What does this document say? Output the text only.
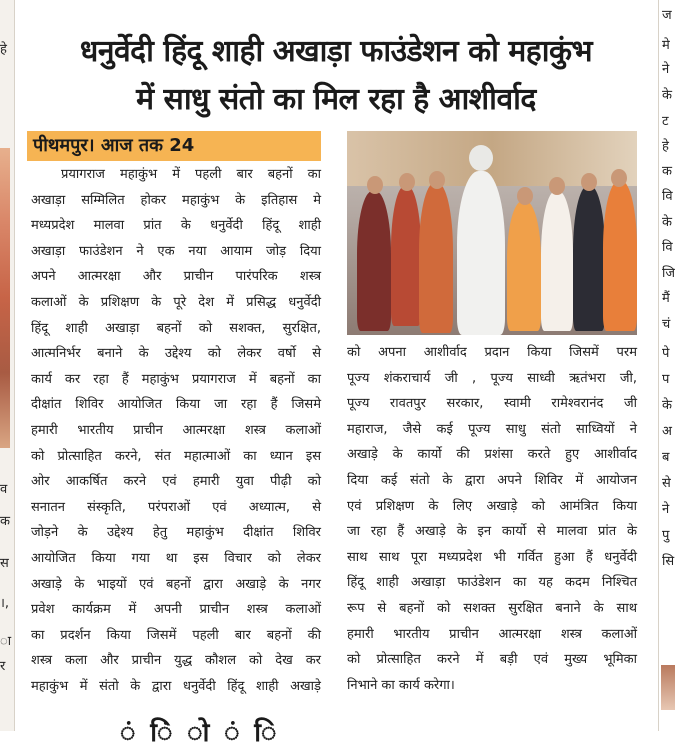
हे
व
क
स
।,
ा
र
ज
मे
ने
के
ट
हे
क
वि
के
वि
जि
मैं
चं
पे
प
के
अ
ब
से
ने
पु
सि
धनुर्वेदी हिंदू शाही अखाड़ा फाउंडेशन को महाकुंभ
में साधु संतो का मिल रहा है आशीर्वाद
पीथमपुर। आज तक 24
प्रयागराज महाकुंभ में पहली बार बहनों का
अखाड़ा सम्मिलित होकर महाकुंभ के इतिहास मे
मध्यप्रदेश मालवा प्रांत के धनुर्वेदी हिंदू शाही
अखाड़ा फाउंडेशन ने एक नया आयाम जोड़ दिया
अपने आत्मरक्षा और प्राचीन पारंपरिक शस्त्र
कलाओं के प्रशिक्षण के पूरे देश में प्रसिद्ध धनुर्वेदी
हिंदू शाही अखाड़ा बहनों को सशक्त, सुरक्षित,
आत्मनिर्भर बनाने के उद्देश्य को लेकर वर्षो से
कार्य कर रहा हैं महाकुंभ प्रयागराज में बहनों का
दीक्षांत शिविर आयोजित किया जा रहा हैं जिसमे
हमारी भारतीय प्राचीन आत्मरक्षा शस्त्र कलाओं
को प्रोत्साहित करने, संत महात्माओं का ध्यान इस
ओर आकर्षित करने एवं हमारी युवा पीढ़ी को
सनातन संस्कृति, परंपराओं एवं अध्यात्म, से
जोड़ने के उद्देश्य हेतु महाकुंभ दीक्षांत शिविर
आयोजित किया गया था इस विचार को लेकर
अखाड़े के भाइयों एवं बहनों द्वारा अखाड़े के नगर
प्रवेश कार्यक्रम में अपनी प्राचीन शस्त्र कलाओं
का प्रदर्शन किया जिसमें पहली बार बहनों की
शस्त्र कला और प्राचीन युद्ध कौशल को देख कर
महाकुंभ में संतो के द्वारा धनुर्वेदी हिंदू शाही अखाड़े
को अपना आशीर्वाद प्रदान किया जिसमें परम
पूज्य शंकराचार्य जी , पूज्य साध्वी ऋतंभरा जी,
पूज्य रावतपुर सरकार, स्वामी रामेश्वरानंद जी
महाराज, जैसे कई पूज्य साधु संतो साध्वियों ने
अखाड़े के कार्यो की प्रशंसा करते हुए आशीर्वाद
दिया कई संतो के द्वारा अपने शिविर में आयोजन
एवं प्रशिक्षण के लिए अखाड़े को आमंत्रित किया
जा रहा हैं अखाड़े के इन कार्यो से मालवा प्रांत के
साथ साथ पूरा मध्यप्रदेश भी गर्वित हुआ हैं धनुर्वेदी
हिंदू शाही अखाड़ा फाउंडेशन का यह कदम निश्चित
रूप से बहनों को सशक्त सुरक्षित बनाने के साथ
हमारी भारतीय प्राचीन आत्मरक्षा शस्त्र कलाओं
को प्रोत्साहित करने में बड़ी एवं मुख्य भूमिका
निभाने का कार्य करेगा।
ं िं ो ं ि
